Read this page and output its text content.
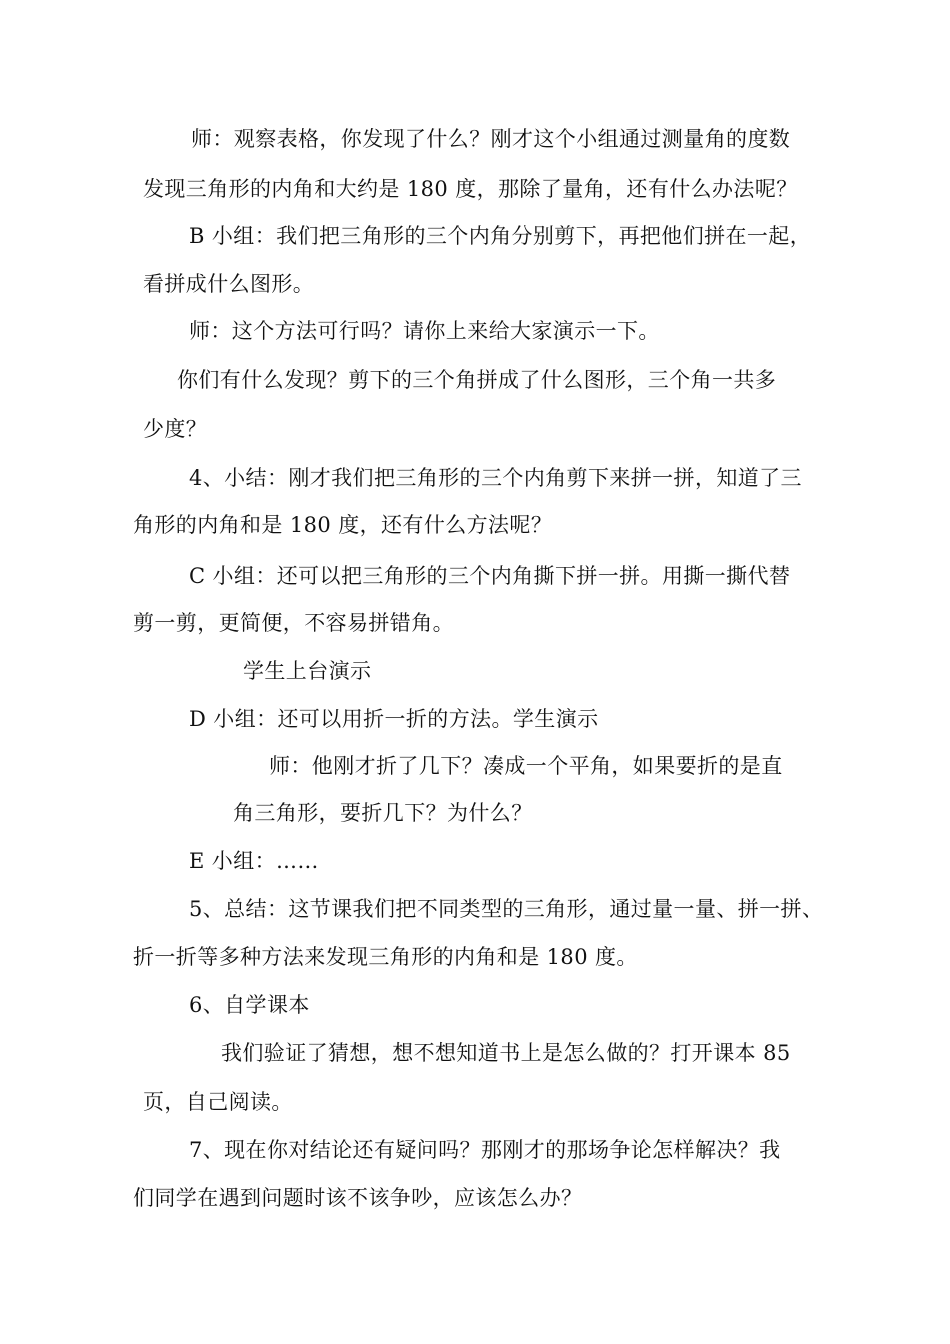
师：观察表格，你发现了什么？刚才这个小组通过测量角的度数
发现三角形的内角和大约是 180 度，那除了量角，还有什么办法呢？
B 小组：我们把三角形的三个内角分别剪下，再把他们拼在一起，
看拼成什么图形。
师：这个方法可行吗？请你上来给大家演示一下。
你们有什么发现？剪下的三个角拼成了什么图形，三个角一共多
少度？
4、小结：刚才我们把三角形的三个内角剪下来拼一拼，知道了三
角形的内角和是 180 度，还有什么方法呢？
C 小组：还可以把三角形的三个内角撕下拼一拼。用撕一撕代替
剪一剪，更简便，不容易拼错角。
学生上台演示
D 小组：还可以用折一折的方法。学生演示
师：他刚才折了几下？凑成一个平角，如果要折的是直
角三角形，要折几下？为什么？
E 小组：……
5、总结：这节课我们把不同类型的三角形，通过量一量、拼一拼、
折一折等多种方法来发现三角形的内角和是 180 度。
6、自学课本
我们验证了猜想，想不想知道书上是怎么做的？打开课本 85
页，自己阅读。
7、现在你对结论还有疑问吗？那刚才的那场争论怎样解决？我
们同学在遇到问题时该不该争吵，应该怎么办？
